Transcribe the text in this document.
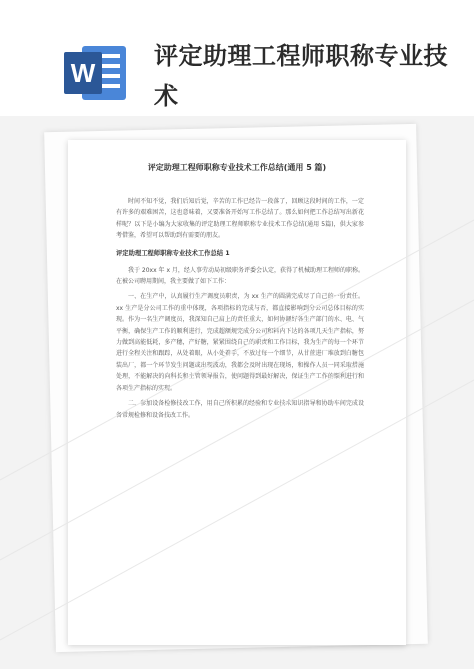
W
评定助理工程师职称专业技术
评定助理工程师职称专业技术工作总结(通用 5 篇)

时间不知不觉，我们后知后觉，辛苦的工作已经告一段落了，回顾这段时间的工作，一定有许多的艰难困苦，这也意味着，又要准备开始写工作总结了。那么如何把工作总结写出新花样呢？以下是小编为大家收集的评定助理工程师职称专业技术工作总结(通用 5篇)，供大家参考借鉴，希望可以帮助到有需要的朋友。

评定助理工程师职称专业技术工作总结 1

我于 20xx 年 x 月，经人事劳动局初级职务评委会认定，获得了机械助理工程师的职称。在被公司聘用期间，我主要做了如下工作：

一、在生产中，认真履行生产调度员职责，为 xx 生产的圆满完成尽了自己的一份责任。xx 生产是分公司工作的重中体现，各项指标的完成与否，都直接影响到分公司总体目标的实现。作为一名生产调度员，我深知自己肩上的责任重大，如何协调好各生产部门的水、电、气平衡，确保生产工作的顺利进行，完成超额规完成分公司和料内下达的各项几天生产指标，努力做到高能低耗，多产穗，产好糖，紧紧围绕自己的职责和工作目标，我为生产的每一个环节进行全程关注和跟踪，从处着眼，从小处着手，不放过每一个细节，从甘蔗进厂堆放到白糖包装出厂，都一个环节发生问题或出现波动，我都会及时出现在现场，和操作人员一同采取措施处理，不能解决的向科长和主管领导报告，使问题得到最好解决，保证生产工作的顺利进行和各项生产指标的实现。

二、参加设备检修技改工作，用自己所积累的经验和专业技术知识指导和协助车间完成设备常规检修和设备技改工作。
